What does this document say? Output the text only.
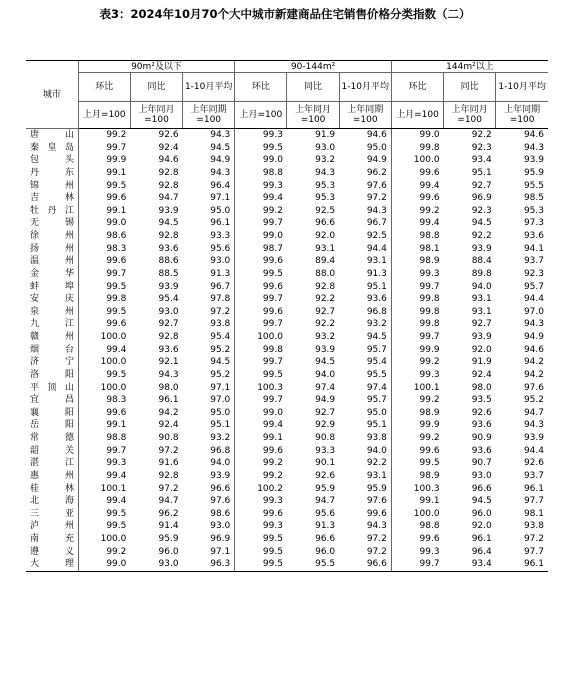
表3：2024年10月70个大中城市新建商品住宅销售价格分类指数（二）
城市	90m²及以下			90-144m²			144m²以上		
	环比	同比	1-10月平均	环比	同比	1-10月平均	环比	同比	1-10月平均
	上月=100	上年同月=100	上年同期=100	上月=100	上年同月=100	上年同期=100	上月=100	上年同月=100	上年同期=100

唐 山	99.2	92.6	94.3	99.3	91.9	94.6	99.0	92.2	94.6

秦 皇 岛	99.7	92.4	94.5	99.5	93.0	95.0	99.8	92.3	94.3

包 头	99.9	94.6	94.9	99.0	93.2	94.9	100.0	93.4	93.9

丹 东	99.1	92.8	94.3	98.8	94.3	96.2	99.6	95.1	95.9

锦 州	99.5	92.8	96.4	99.3	95.3	97.6	99.4	92.7	95.5

吉 林	99.6	94.7	97.1	99.4	95.3	97.2	99.6	96.9	98.5

牡 丹 江	99.1	93.9	95.0	99.2	92.5	94.3	99.2	92.3	95.3

无 锡	99.0	94.5	96.1	99.7	96.6	96.7	99.4	94.5	97.3

徐 州	98.6	92.8	93.3	99.0	92.0	92.5	98.8	92.2	93.6

扬 州	98.3	93.6	95.6	98.7	93.1	94.4	98.1	93.9	94.1

温 州	99.6	88.6	93.0	99.6	89.4	93.1	98.9	88.4	93.7

金 华	99.7	88.5	91.3	99.5	88.0	91.3	99.3	89.8	92.3

蚌 埠	99.5	93.9	96.7	99.6	92.8	95.1	99.7	94.0	95.7

安 庆	99.8	95.4	97.8	99.7	92.2	93.6	99.8	93.1	94.4

泉 州	99.5	93.0	97.2	99.6	92.7	96.8	99.8	93.1	97.0

九 江	99.6	92.7	93.8	99.7	92.2	93.2	99.8	92.7	94.3

赣 州	100.0	92.8	95.4	100.0	93.2	94.5	99.7	93.9	94.9

烟 台	99.4	93.6	95.2	99.8	93.9	95.7	99.9	92.0	94.6

济 宁	100.0	92.1	94.5	99.7	94.5	95.4	99.2	91.9	94.2

洛 阳	99.5	94.3	95.2	99.5	94.0	95.5	99.3	92.4	94.2

平 顶 山	100.0	98.0	97.1	100.3	97.4	97.4	100.1	98.0	97.6

宜 昌	98.3	96.1	97.0	99.7	94.9	95.7	99.2	93.5	95.2

襄 阳	99.6	94.2	95.0	99.0	92.7	95.0	98.9	92.6	94.7

岳 阳	99.1	92.4	95.1	99.4	92.9	95.1	99.9	93.6	94.3

常 德	98.8	90.8	93.2	99.1	90.8	93.8	99.2	90.9	93.9

韶 关	99.7	97.2	96.8	99.6	93.3	94.0	99.6	93.6	94.4

湛 江	99.3	91.6	94.0	99.2	90.1	92.2	99.5	90.7	92.6

惠 州	99.4	92.8	93.9	99.2	92.6	93.1	98.9	93.0	93.7

桂 林	100.1	97.2	96.6	100.2	95.9	95.9	100.3	96.6	96.1

北 海	99.4	94.7	97.6	99.3	94.7	97.6	99.1	94.5	97.7

三 亚	99.5	96.2	98.6	99.6	95.6	99.6	100.0	96.0	98.1

泸 州	99.5	91.4	93.0	99.3	91.3	94.3	98.8	92.0	93.8

南 充	100.0	95.9	96.9	99.5	96.6	97.2	99.6	96.1	97.2

遵 义	99.2	96.0	97.1	99.5	96.0	97.2	99.3	96.4	97.7

大 理	99.0	93.0	96.3	99.5	95.5	96.6	99.7	93.4	96.1
